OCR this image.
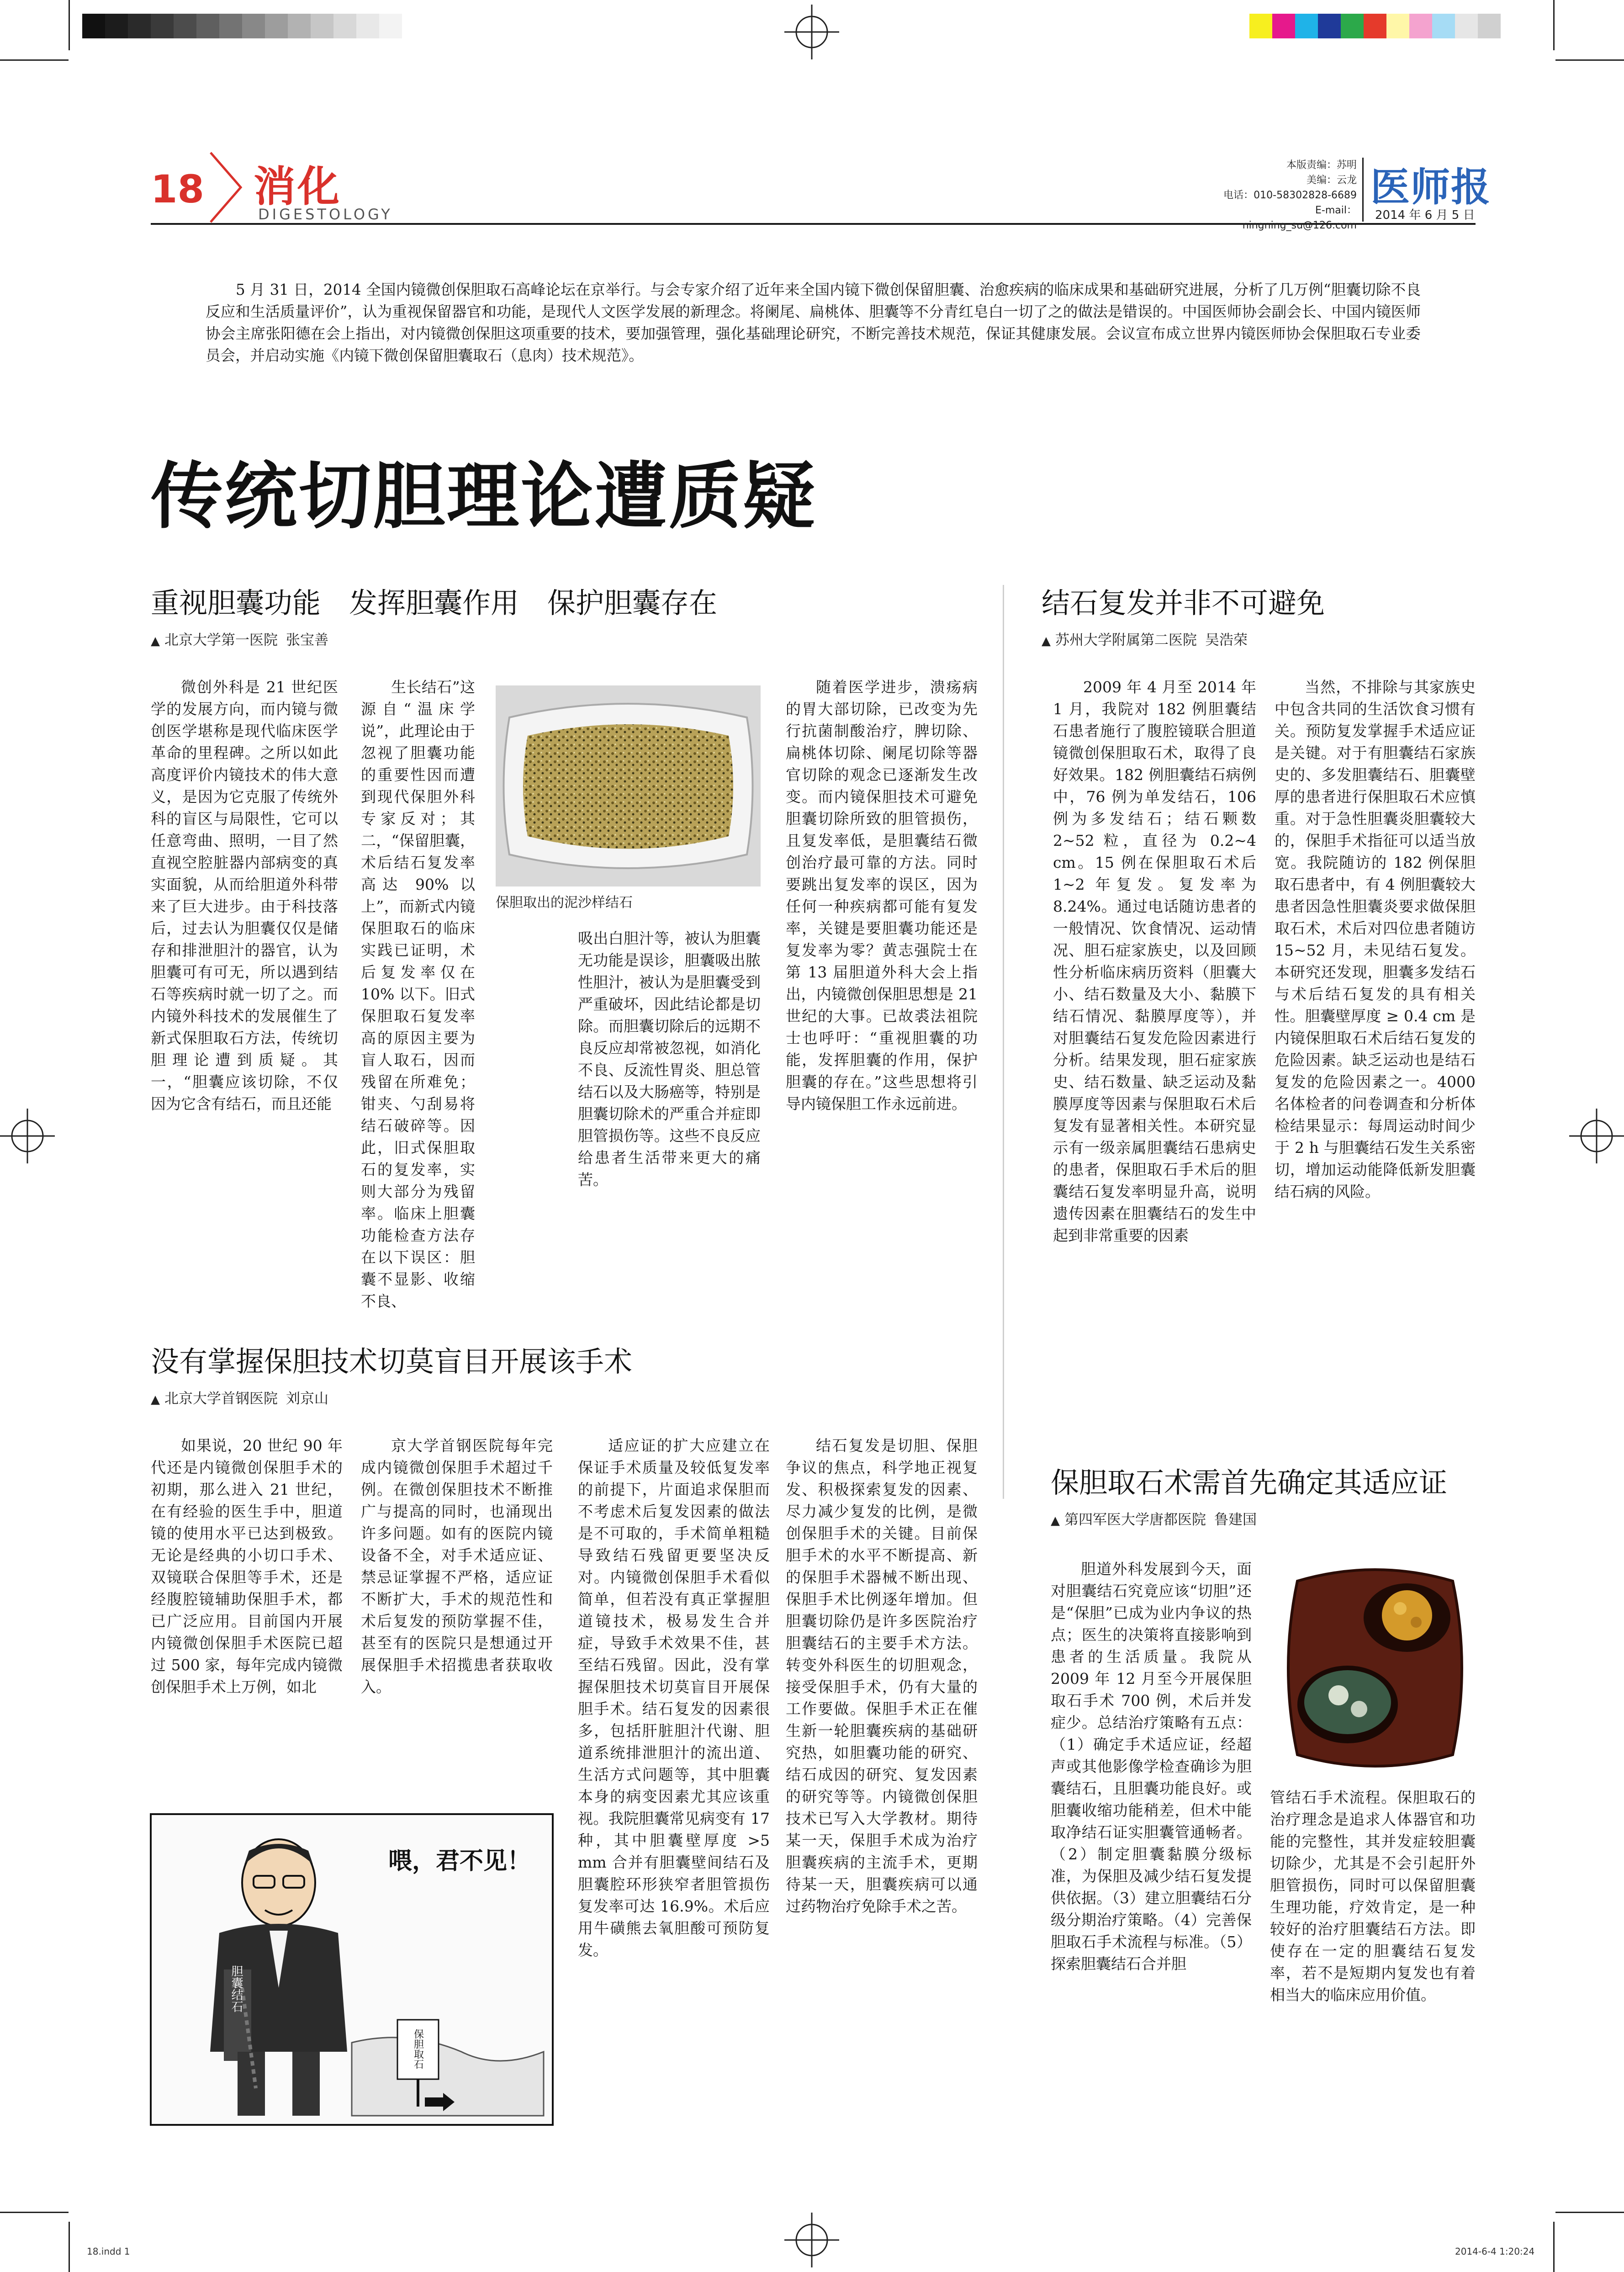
18 消化
DIGESTOLOGY
本版责编：苏明
美编：云龙
电话：010-58302828-6689
E-mail：ningning_su@126.com
医师报
2014 年 6 月 5 日
5 月 31 日，2014 全国内镜微创保胆取石高峰论坛在京举行。与会专家介绍了近年来全国内镜下微创保留胆囊、治愈疾病的临床成果和基础研究进展，分析了几万例“胆囊切除不良反应和生活质量评价”，认为重视保留器官和功能，是现代人文医学发展的新理念。将阑尾、扁桃体、胆囊等不分青红皂白一切了之的做法是错误的。中国医师协会副会长、中国内镜医师协会主席张阳德在会上指出，对内镜微创保胆这项重要的技术，要加强管理，强化基础理论研究，不断完善技术规范，保证其健康发展。会议宣布成立世界内镜医师协会保胆取石专业委员会，并启动实施《内镜下微创保留胆囊取石（息肉）技术规范》。
传统切胆理论遭质疑
重视胆囊功能　发挥胆囊作用　保护胆囊存在
▲ 北京大学第一医院 张宝善

微创外科是 21 世纪医学的发展方向，而内镜与微创医学堪称是现代临床医学革命的里程碑。之所以如此高度评价内镜技术的伟大意义，是因为它克服了传统外科的盲区与局限性，它可以任意弯曲、照明，一目了然直视空腔脏器内部病变的真实面貌，从而给胆道外科带来了巨大进步。由于科技落后，过去认为胆囊仅仅是储存和排泄胆汁的器官，认为胆囊可有可无，所以遇到结石等疾病时就一切了之。而内镜外科技术的发展催生了新式保胆取石方法，传统切胆理论遭到质疑。其一，“胆囊应该切除，不仅因为它含有结石，而且还能

生长结石”这源自“温床学说”，此理论由于忽视了胆囊功能的重要性因而遭到现代保胆外科专家反对；其二，“保留胆囊，术后结石复发率高达 90% 以上”，而新式内镜保胆取石的临床实践已证明，术后复发率仅在 10% 以下。旧式保胆取石复发率高的原因主要为盲人取石，因而残留在所难免；钳夹、勺刮易将结石破碎等。因此，旧式保胆取石的复发率，实则大部分为残留率。临床上胆囊功能检查方法存在以下误区：胆囊不显影、收缩不良、

保胆取出的泥沙样结石

吸出白胆汁等，被认为胆囊无功能是误诊，胆囊吸出脓性胆汁，被认为是胆囊受到严重破坏，因此结论都是切除。而胆囊切除后的远期不良反应却常被忽视，如消化不良、反流性胃炎、胆总管结石以及大肠癌等，特别是胆囊切除术的严重合并症即胆管损伤等。这些不良反应给患者生活带来更大的痛苦。

随着医学进步，溃疡病的胃大部切除，已改变为先行抗菌制酸治疗，脾切除、扁桃体切除、阑尾切除等器官切除的观念已逐渐发生改变。而内镜保胆技术可避免胆囊切除所致的胆管损伤，且复发率低，是胆囊结石微创治疗最可靠的方法。同时要跳出复发率的误区，因为任何一种疾病都可能有复发率，关键是要胆囊功能还是复发率为零？黄志强院士在第 13 届胆道外科大会上指出，内镜微创保胆思想是 21 世纪的大事。已故裘法祖院士也呼吁：“重视胆囊的功能，发挥胆囊的作用，保护胆囊的存在。”这些思想将引导内镜保胆工作永远前进。

没有掌握保胆技术切莫盲目开展该手术
▲ 北京大学首钢医院 刘京山

如果说，20 世纪 90 年代还是内镜微创保胆手术的初期，那么进入 21 世纪，在有经验的医生手中，胆道镜的使用水平已达到极致。无论是经典的小切口手术、双镜联合保胆等手术，还是经腹腔镜辅助保胆手术，都已广泛应用。目前国内开展内镜微创保胆手术医院已超过 500 家，每年完成内镜微创保胆手术上万例，如北

京大学首钢医院每年完成内镜微创保胆手术超过千例。在微创保胆技术不断推广与提高的同时，也涌现出许多问题。如有的医院内镜设备不全，对手术适应证、禁忌证掌握不严格，适应证不断扩大，手术的规范性和术后复发的预防掌握不佳，甚至有的医院只是想通过开展保胆手术招揽患者获取收入。

适应证的扩大应建立在保证手术质量及较低复发率的前提下，片面追求保胆而不考虑术后复发因素的做法是不可取的，手术简单粗糙导致结石残留更要坚决反对。内镜微创保胆手术看似简单，但若没有真正掌握胆道镜技术，极易发生合并症，导致手术效果不佳，甚至结石残留。因此，没有掌握保胆技术切莫盲目开展保胆手术。结石复发的因素很多，包括肝脏胆汁代谢、胆道系统排泄胆汁的流出道、生活方式问题等，其中胆囊本身的病变因素尤其应该重视。我院胆囊常见病变有 17 种，其中胆囊壁厚度 >5 mm 合并有胆囊壁间结石及胆囊腔环形狭窄者胆管损伤复发率可达 16.9%。术后应用牛磺熊去氧胆酸可预防复发。

结石复发是切胆、保胆争议的焦点，科学地正视复发、积极探索复发的因素、尽力减少复发的比例，是微创保胆手术的关键。目前保胆手术的水平不断提高、新的保胆手术器械不断出现、保胆手术比例逐年增加。但胆囊切除仍是许多医院治疗胆囊结石的主要手术方法。转变外科医生的切胆观念，接受保胆手术，仍有大量的工作要做。保胆手术正在催生新一轮胆囊疾病的基础研究热，如胆囊功能的研究、结石成因的研究、复发因素的研究等等。内镜微创保胆技术已写入大学教材。期待某一天，保胆手术成为治疗胆囊疾病的主流手术，更期待某一天，胆囊疾病可以通过药物治疗免除手术之苦。

喂，君不见！
胆囊结石
保胆取石
结石复发并非不可避免
▲ 苏州大学附属第二医院 吴浩荣

2009 年 4 月至 2014 年 1 月，我院对 182 例胆囊结石患者施行了腹腔镜联合胆道镜微创保胆取石术，取得了良好效果。182 例胆囊结石病例中，76 例为单发结石，106 例为多发结石；结石颗数 2~52 粒，直径为 0.2~4 cm。15 例在保胆取石术后 1~2 年复发。复发率为 8.24%。通过电话随访患者的一般情况、饮食情况、运动情况、胆石症家族史，以及回顾性分析临床病历资料（胆囊大小、结石数量及大小、黏膜下结石情况、黏膜厚度等），并对胆囊结石复发危险因素进行分析。结果发现，胆石症家族史、结石数量、缺乏运动及黏膜厚度等因素与保胆取石术后复发有显著相关性。本研究显示有一级亲属胆囊结石患病史的患者，保胆取石手术后的胆囊结石复发率明显升高，说明遗传因素在胆囊结石的发生中起到非常重要的因素

当然，不排除与其家族史中包含共同的生活饮食习惯有关。预防复发掌握手术适应证是关键。对于有胆囊结石家族史的、多发胆囊结石、胆囊壁厚的患者进行保胆取石术应慎重。对于急性胆囊炎胆囊较大的，保胆手术指征可以适当放宽。我院随访的 182 例保胆取石患者中，有 4 例胆囊较大患者因急性胆囊炎要求做保胆取石术，术后对四位患者随访 15~52 月，未见结石复发。本研究还发现，胆囊多发结石与术后结石复发的具有相关性。胆囊壁厚度 ≥ 0.4 cm 是内镜保胆取石术后结石复发的危险因素。缺乏运动也是结石复发的危险因素之一。4000 名体检者的问卷调查和分析体检结果显示：每周运动时间少于 2 h 与胆囊结石发生关系密切，增加运动能降低新发胆囊结石病的风险。

保胆取石术需首先确定其适应证
▲ 第四军医大学唐都医院 鲁建国

胆道外科发展到今天，面对胆囊结石究竟应该“切胆”还是“保胆”已成为业内争议的热点；医生的决策将直接影响到患者的生活质量。我院从 2009 年 12 月至今开展保胆取石手术 700 例，术后并发症少。总结治疗策略有五点：（1）确定手术适应证，经超声或其他影像学检查确诊为胆囊结石，且胆囊功能良好。或胆囊收缩功能稍差，但术中能取净结石证实胆囊管通畅者。（2）制定胆囊黏膜分级标准，为保胆及减少结石复发提供依据。（3）建立胆囊结石分级分期治疗策略。（4）完善保胆取石手术流程与标准。（5）探索胆囊结石合并胆

管结石手术流程。保胆取石的治疗理念是追求人体器官和功能的完整性，其并发症较胆囊切除少，尤其是不会引起肝外胆管损伤，同时可以保留胆囊生理功能，疗效肯定，是一种较好的治疗胆囊结石方法。即使存在一定的胆囊结石复发率，若不是短期内复发也有着相当大的临床应用价值。

18.indd 1	2014-6-4 1:20:24
